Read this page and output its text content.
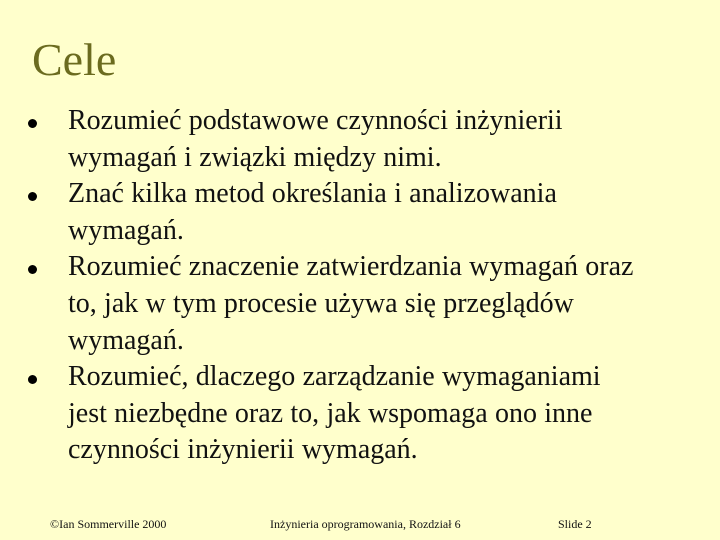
Cele
Rozumieć podstawowe czynności inżynierii
wymagań i związki między nimi.
Znać kilka metod określania i analizowania
wymagań.
Rozumieć znaczenie zatwierdzania wymagań oraz
to, jak w tym procesie używa się przeglądów
wymagań.
Rozumieć, dlaczego zarządzanie wymaganiami
jest niezbędne oraz to, jak wspomaga ono inne
czynności inżynierii wymagań.
©Ian Sommerville 2000	Inżynieria oprogramowania, Rozdział 6	Slide 2
